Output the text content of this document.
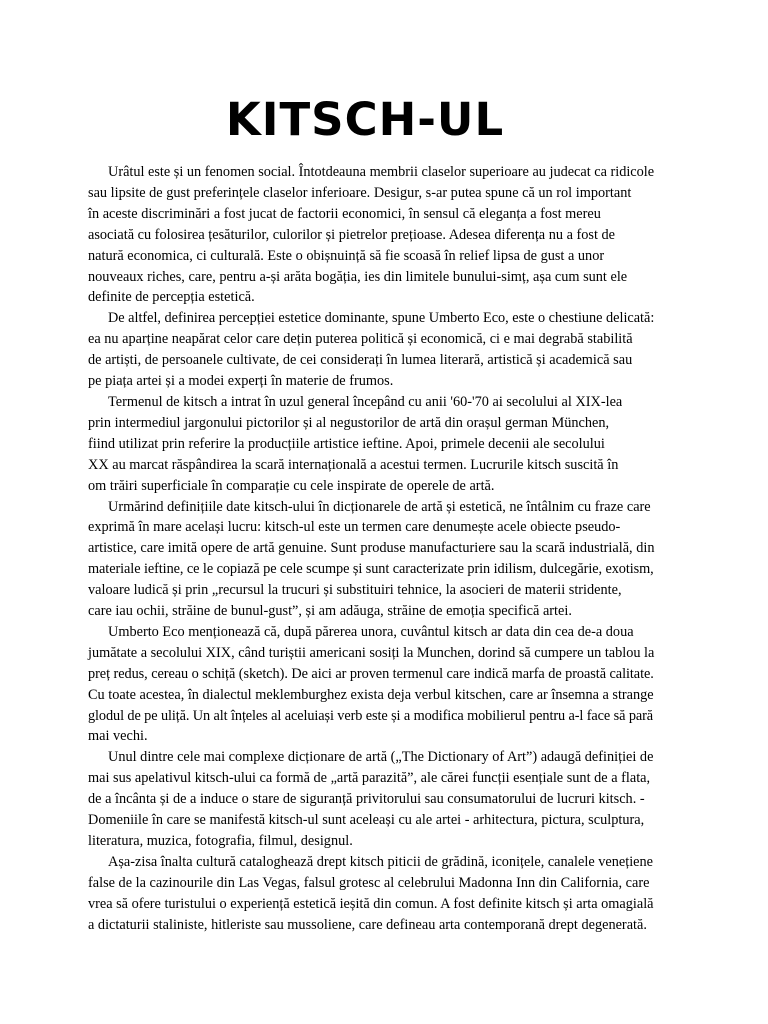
KITSCH-UL

Urâtul este și un fenomen social. Întotdeauna membrii claselor superioare au judecat ca ridicole
sau lipsite de gust preferințele claselor inferioare. Desigur, s-ar putea spune că un rol important
în aceste discriminări a fost jucat de factorii economici, în sensul că eleganța a fost mereu
asociată cu folosirea țesăturilor, culorilor și pietrelor prețioase. Adesea diferența nu a fost de
natură economica, ci culturală. Este o obișnuință să fie scoasă în relief lipsa de gust a unor
nouveaux riches, care, pentru a-și arăta bogăția, ies din limitele bunului-simț, așa cum sunt ele
definite de percepția estetică.

De altfel, definirea percepției estetice dominante, spune Umberto Eco, este o chestiune delicată:
ea nu aparține neapărat celor care dețin puterea politică și economică, ci e mai degrabă stabilită
de artiști, de persoanele cultivate, de cei considerați în lumea literară, artistică și academică sau
pe piața artei și a modei experți în materie de frumos.

Termenul de kitsch a intrat în uzul general începând cu anii '60-'70 ai secolului al XIX-lea
prin intermediul jargonului pictorilor și al negustorilor de artă din orașul german München,
fiind utilizat prin referire la producțiile artistice ieftine. Apoi, primele decenii ale secolului
XX au marcat răspândirea la scară internațională a acestui termen. Lucrurile kitsch suscită în
om trăiri superficiale în comparație cu cele inspirate de operele de artă.

Urmărind definițiile date kitsch-ului în dicționarele de artă și estetică, ne întâlnim cu fraze care
exprimă în mare același lucru: kitsch-ul este un termen care denumește acele obiecte pseudo-
artistice, care imită opere de artă genuine. Sunt produse manufacturiere sau la scară industrială, din
materiale ieftine, ce le copiază pe cele scumpe și sunt caracterizate prin idilism, dulcegărie, exotism,
valoare ludică și prin „recursul la trucuri și substituiri tehnice, la asocieri de materii stridente,
care iau ochii, străine de bunul-gust”, și am adăuga, străine de emoția specifică artei.

Umberto Eco menționează că, după părerea unora, cuvântul kitsch ar data din cea de-a doua
jumătate a secolului XIX, când turiștii americani sosiți la Munchen, dorind să cumpere un tablou la
preț redus, cereau o schiță (sketch). De aici ar proven termenul care indică marfa de proastă calitate.
Cu toate acestea, în dialectul meklemburghez exista deja verbul kitschen, care ar însemna a strange
glodul de pe uliță. Un alt înțeles al aceluiași verb este și a modifica mobilierul pentru a-l face să pară
mai vechi.

Unul dintre cele mai complexe dicționare de artă („The Dictionary of Art”) adaugă definiției de
mai sus apelativul kitsch-ului ca formă de „artă parazită”, ale cărei funcții esențiale sunt de a flata,
de a încânta și de a induce o stare de siguranță privitorului sau consumatorului de lucruri kitsch. -
Domeniile în care se manifestă kitsch-ul sunt aceleași cu ale artei - arhitectura, pictura, sculptura,
literatura, muzica, fotografia, filmul, designul.

Așa-zisa înalta cultură cataloghează drept kitsch piticii de grădină, iconițele, canalele venețiene
false de la cazinourile din Las Vegas, falsul grotesc al celebrului Madonna Inn din California, care
vrea să ofere turistului o experiență estetică ieșită din comun. A fost definite kitsch și arta omagială
a dictaturii staliniste, hitleriste sau mussoliene, care defineau arta contemporană drept degenerată.
